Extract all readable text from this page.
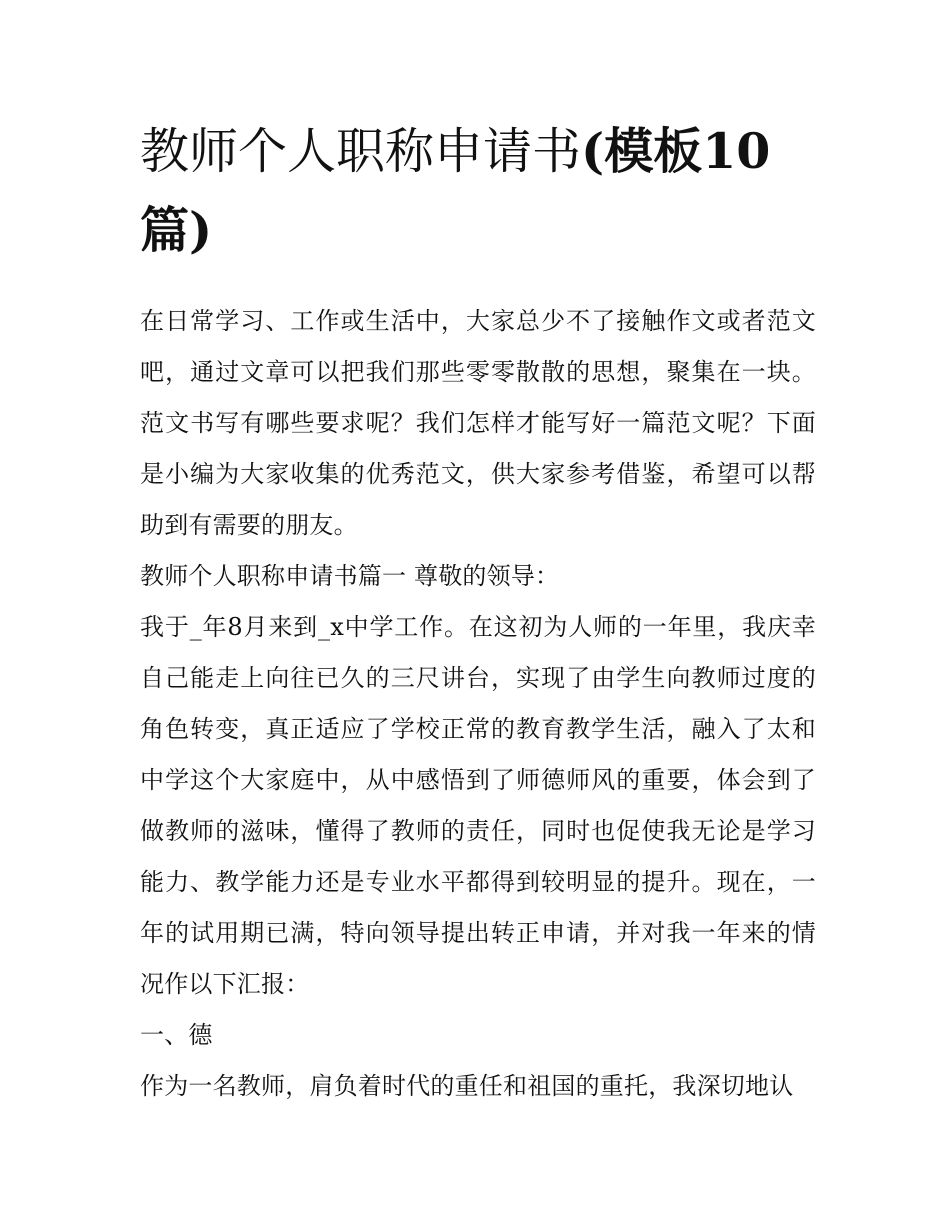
教师个人职称申请书(模板10篇)

在日常学习、工作或生活中，大家总少不了接触作文或者范文吧，通过文章可以把我们那些零零散散的思想，聚集在一块。范文书写有哪些要求呢？我们怎样才能写好一篇范文呢？下面是小编为大家收集的优秀范文，供大家参考借鉴，希望可以帮助到有需要的朋友。

教师个人职称申请书篇一 尊敬的领导：

我于_年8月来到_x中学工作。在这初为人师的一年里，我庆幸自己能走上向往已久的三尺讲台，实现了由学生向教师过度的角色转变，真正适应了学校正常的教育教学生活，融入了太和中学这个大家庭中，从中感悟到了师德师风的重要，体会到了做教师的滋味，懂得了教师的责任，同时也促使我无论是学习能力、教学能力还是专业水平都得到较明显的提升。现在，一年的试用期已满，特向领导提出转正申请，并对我一年来的情况作以下汇报：

一、德

作为一名教师，肩负着时代的重任和祖国的重托，我深切地认
